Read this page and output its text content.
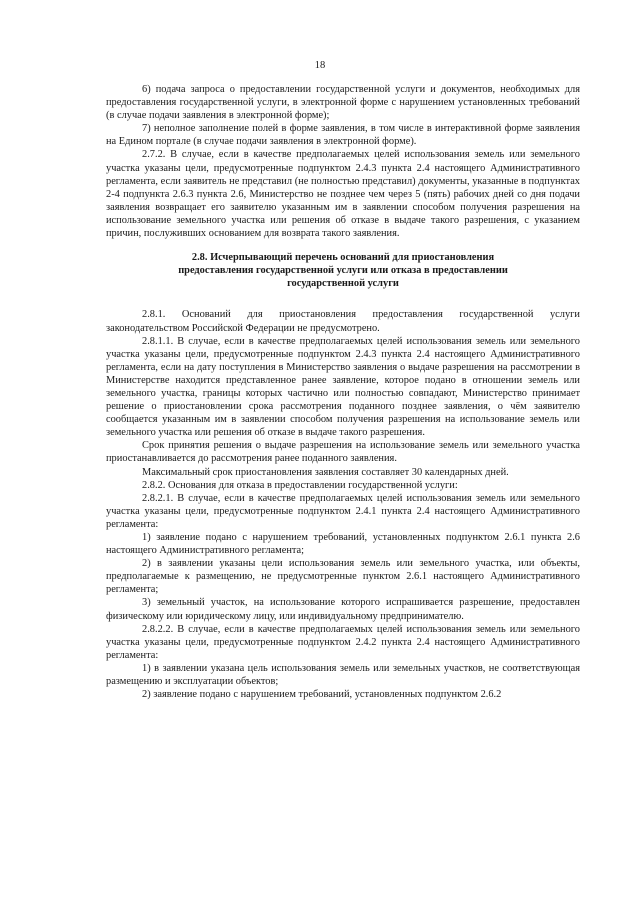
18

6) подача запроса о предоставлении государственной услуги и документов, необходимых для предоставления государственной услуги, в электронной форме с нарушением установленных требований (в случае подачи заявления в электронной форме);

7) неполное заполнение полей в форме заявления, в том числе в интерактивной форме заявления на Едином портале (в случае подачи заявления в электронной форме).

2.7.2. В случае, если в качестве предполагаемых целей использования земель или земельного участка указаны цели, предусмотренные подпунктом 2.4.3 пункта 2.4 настоящего Административного регламента, если заявитель не представил (не полностью представил) документы, указанные в подпунктах 2-4 подпункта 2.6.3 пункта 2.6, Министерство не позднее чем через 5 (пять) рабочих дней со дня подачи заявления возвращает его заявителю указанным им в заявлении способом получения разрешения на использование земельного участка или решения об отказе в выдаче такого разрешения, с указанием причин, послуживших основанием для возврата такого заявления.

2.8. Исчерпывающий перечень оснований для приостановления
предоставления государственной услуги или отказа в предоставлении
государственной услуги

2.8.1. Оснований для приостановления предоставления государственной услуги законодательством Российской Федерации не предусмотрено.

2.8.1.1. В случае, если в качестве предполагаемых целей использования земель или земельного участка указаны цели, предусмотренные подпунктом 2.4.3 пункта 2.4 настоящего Административного регламента, если на дату поступления в Министерство заявления о выдаче разрешения на рассмотрении в Министерстве находится представленное ранее заявление, которое подано в отношении земель или земельного участка, границы которых частично или полностью совпадают, Министерство принимает решение о приостановлении срока рассмотрения поданного позднее заявления, о чём заявителю сообщается указанным им в заявлении способом получения разрешения на использование земель или земельного участка или решения об отказе в выдаче такого разрешения.

Срок принятия решения о выдаче разрешения на использование земель или земельного участка приостанавливается до рассмотрения ранее поданного заявления.

Максимальный срок приостановления заявления составляет 30 календарных дней.

2.8.2. Основания для отказа в предоставлении государственной услуги:

2.8.2.1. В случае, если в качестве предполагаемых целей использования земель или земельного участка указаны цели, предусмотренные подпунктом 2.4.1 пункта 2.4 настоящего Административного регламента:

1) заявление подано с нарушением требований, установленных подпунктом 2.6.1 пункта 2.6 настоящего Административного регламента;

2) в заявлении указаны цели использования земель или земельного участка, или объекты, предполагаемые к размещению, не предусмотренные пунктом 2.6.1 настоящего Административного регламента;

3) земельный участок, на использование которого испрашивается разрешение, предоставлен физическому или юридическому лицу, или индивидуальному предпринимателю.

2.8.2.2. В случае, если в качестве предполагаемых целей использования земель или земельного участка указаны цели, предусмотренные подпунктом 2.4.2 пункта 2.4 настоящего Административного регламента:

1) в заявлении указана цель использования земель или земельных участков, не соответствующая размещению и эксплуатации объектов;

2) заявление подано с нарушением требований, установленных подпунктом 2.6.2
